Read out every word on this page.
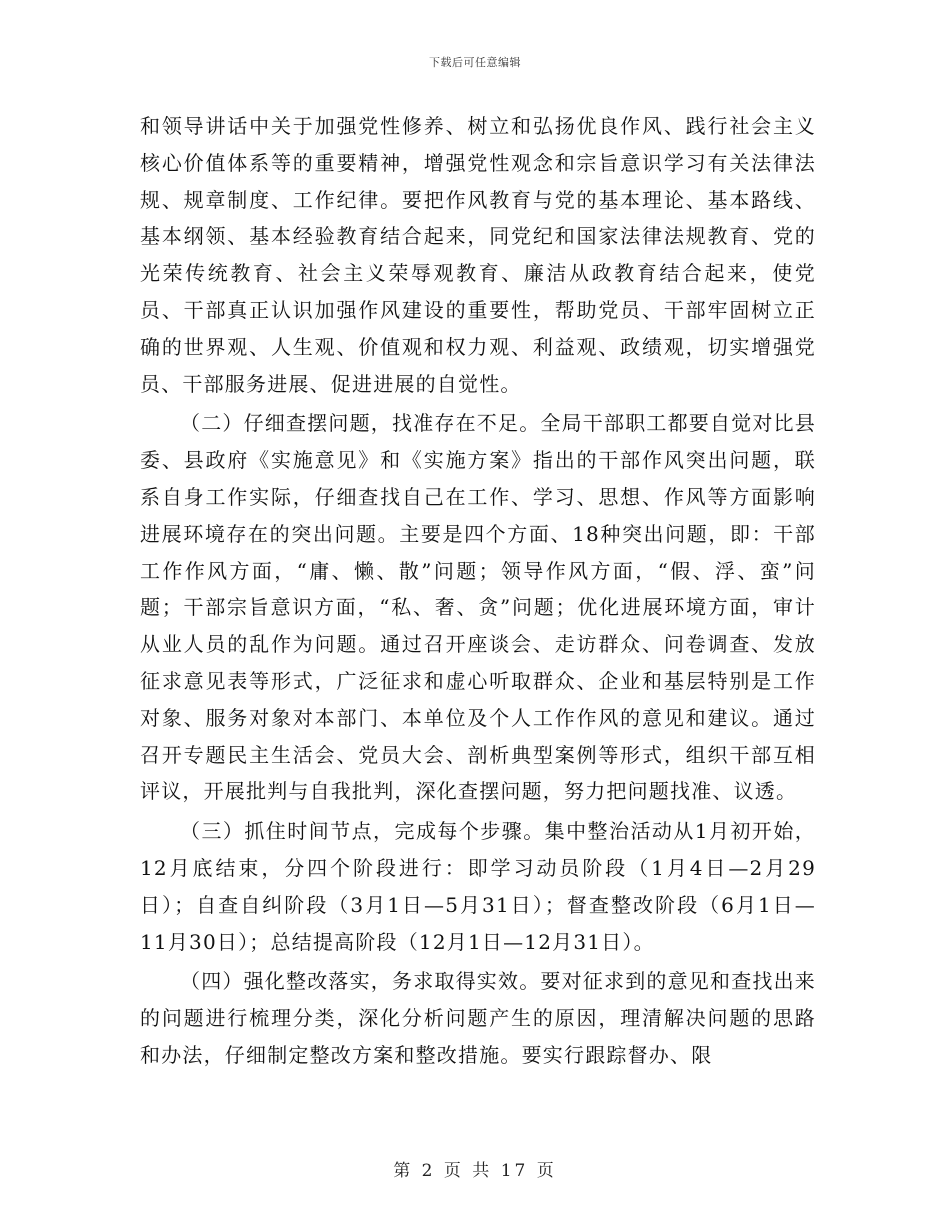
下载后可任意编辑

和领导讲话中关于加强党性修养、树立和弘扬优良作风、践行社会主义核心价值体系等的重要精神，增强党性观念和宗旨意识学习有关法律法规、规章制度、工作纪律。要把作风教育与党的基本理论、基本路线、基本纲领、基本经验教育结合起来，同党纪和国家法律法规教育、党的光荣传统教育、社会主义荣辱观教育、廉洁从政教育结合起来，使党员、干部真正认识加强作风建设的重要性，帮助党员、干部牢固树立正确的世界观、人生观、价值观和权力观、利益观、政绩观，切实增强党员、干部服务进展、促进进展的自觉性。

（二）仔细查摆问题，找准存在不足。全局干部职工都要自觉对比县委、县政府《实施意见》和《实施方案》指出的干部作风突出问题，联系自身工作实际，仔细查找自己在工作、学习、思想、作风等方面影响进展环境存在的突出问题。主要是四个方面、18种突出问题，即：干部工作作风方面，“庸、懒、散”问题；领导作风方面，“假、浮、蛮”问题；干部宗旨意识方面，“私、奢、贪”问题；优化进展环境方面，审计从业人员的乱作为问题。通过召开座谈会、走访群众、问卷调查、发放征求意见表等形式，广泛征求和虚心听取群众、企业和基层特别是工作对象、服务对象对本部门、本单位及个人工作作风的意见和建议。通过召开专题民主生活会、党员大会、剖析典型案例等形式，组织干部互相评议，开展批判与自我批判，深化查摆问题，努力把问题找准、议透。

（三）抓住时间节点，完成每个步骤。集中整治活动从1月初开始，12月底结束，分四个阶段进行：即学习动员阶段（1月4日—2月29日）；自查自纠阶段（3月1日—5月31日）；督查整改阶段（6月1日—11月30日）；总结提高阶段（12月1日—12月31日）。

（四）强化整改落实，务求取得实效。要对征求到的意见和查找出来的问题进行梳理分类，深化分析问题产生的原因，理清解决问题的思路和办法，仔细制定整改方案和整改措施。要实行跟踪督办、限

第 2 页 共 17 页
